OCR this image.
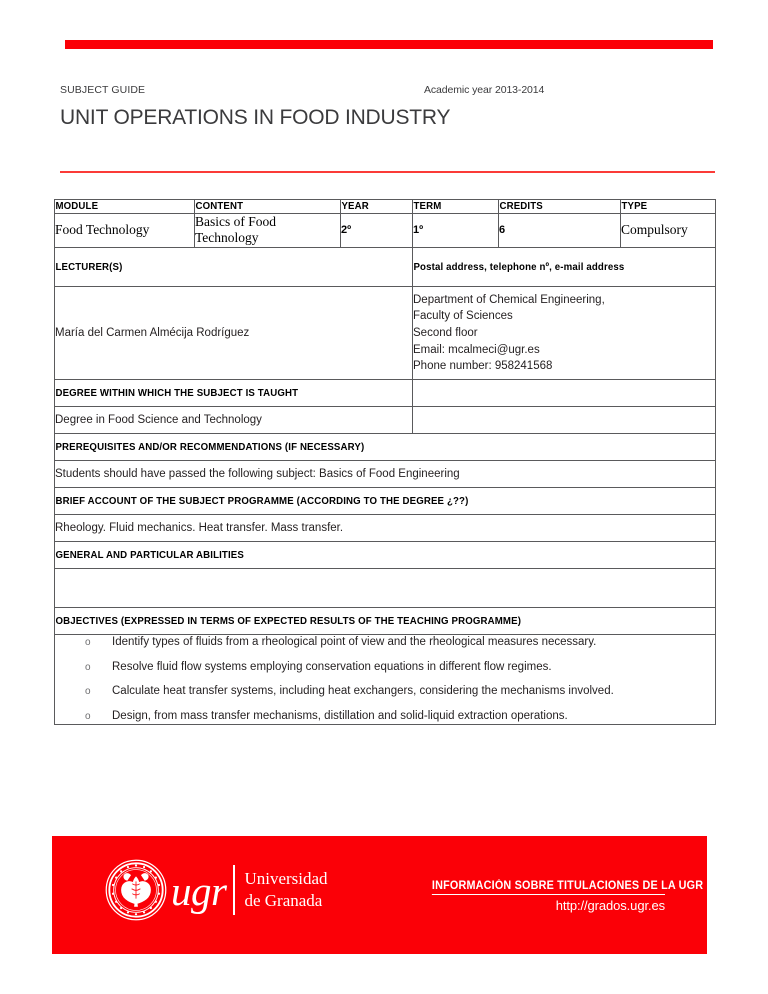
SUBJECT GUIDE	Academic year 2013-2014
UNIT OPERATIONS IN FOOD INDUSTRY
MODULE	CONTENT	YEAR	TERM	CREDITS	TYPE
Food Technology	Basics of Food Technology	2º	1º	6	Compulsory
LECTURER(S)			Postal address, telephone nº, e-mail address		
María del Carmen Almécija Rodríguez			Department of Chemical Engineering,
Faculty of Sciences
Second floor
Email: mcalmeci@ugr.es
Phone number: 958241568		

DEGREE WITHIN WHICH THE SUBJECT IS TAUGHT					
Degree in Food Science and Technology					
PREREQUISITES AND/OR RECOMMENDATIONS (IF NECESSARY)					
Students should have passed the following subject: Basics of Food Engineering					
BRIEF ACCOUNT OF THE SUBJECT PROGRAMME (ACCORDING TO THE DEGREE ¿??)					
Rheology. Fluid mechanics. Heat transfer. Mass transfer.					
GENERAL AND PARTICULAR ABILITIES					

OBJECTIVES (EXPRESSED IN TERMS OF EXPECTED RESULTS OF THE TEACHING PROGRAMME)					

o Identify types of fluids from a rheological point of view and the rheological measures necessary.
o Resolve fluid flow systems employing conservation equations in different flow regimes.
o Calculate heat transfer systems, including heat exchangers, considering the mechanisms involved.
o Design, from mass transfer mechanisms, distillation and solid-liquid extraction operations.
ugr Universidad
de Granada
INFORMACIÓN SOBRE TITULACIONES DE LA UGR
http://grados.ugr.es
